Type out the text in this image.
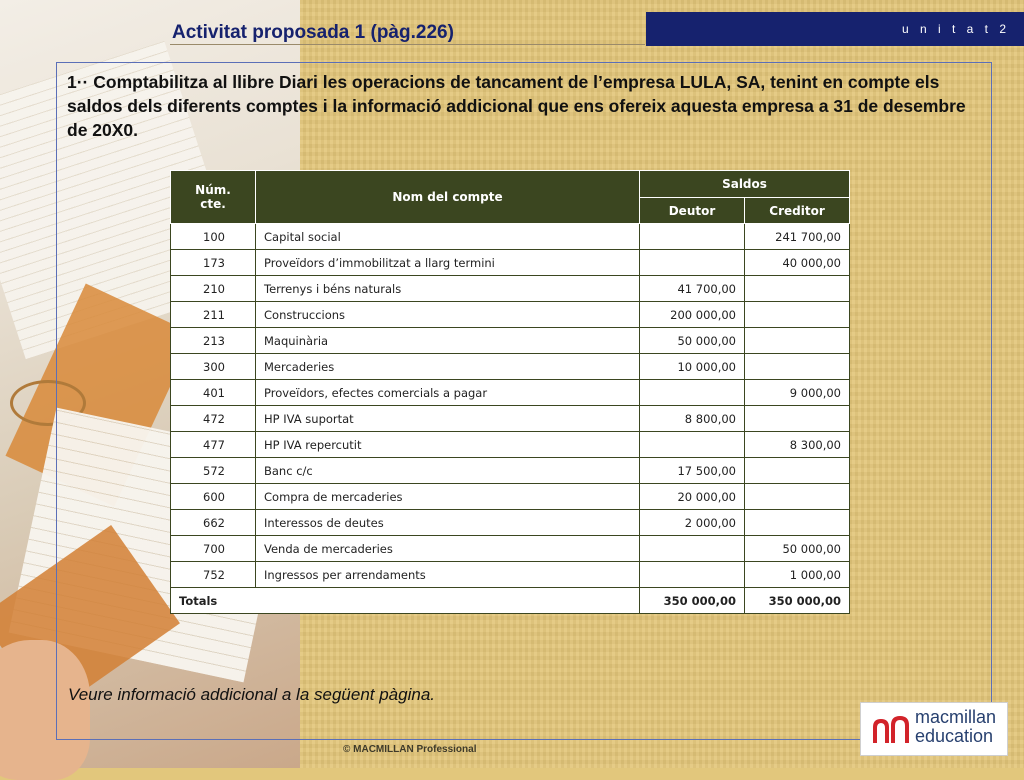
Activitat proposada 1 (pàg.226)	u n i t a t 2

1·· Comptabilitza al llibre Diari les operacions de tancament de l’empresa LULA, SA, tenint en compte els saldos dels diferents comptes i la informació addicional que ens ofereix aquesta empresa a 31 de desembre de 20X0.

Núm.
cte.	Nom del compte	Saldos	
		Deutor	Creditor
100	Capital social		241 700,00
173	Proveïdors d’immobilitzat a llarg termini		40 000,00
210	Terrenys i béns naturals	41 700,00	
211	Construccions	200 000,00	
213	Maquinària	50 000,00	
300	Mercaderies	10 000,00	
401	Proveïdors, efectes comercials a pagar		9 000,00
472	HP IVA suportat	8 800,00	
477	HP IVA repercutit		8 300,00
572	Banc c/c	17 500,00	
600	Compra de mercaderies	20 000,00	
662	Interessos de deutes	2 000,00	
700	Venda de mercaderies		50 000,00
752	Ingressos per arrendaments		1 000,00
Totals		350 000,00	350 000,00

Veure informació addicional a la següent pàgina.

© MACMILLAN Professional
macmillan
education
